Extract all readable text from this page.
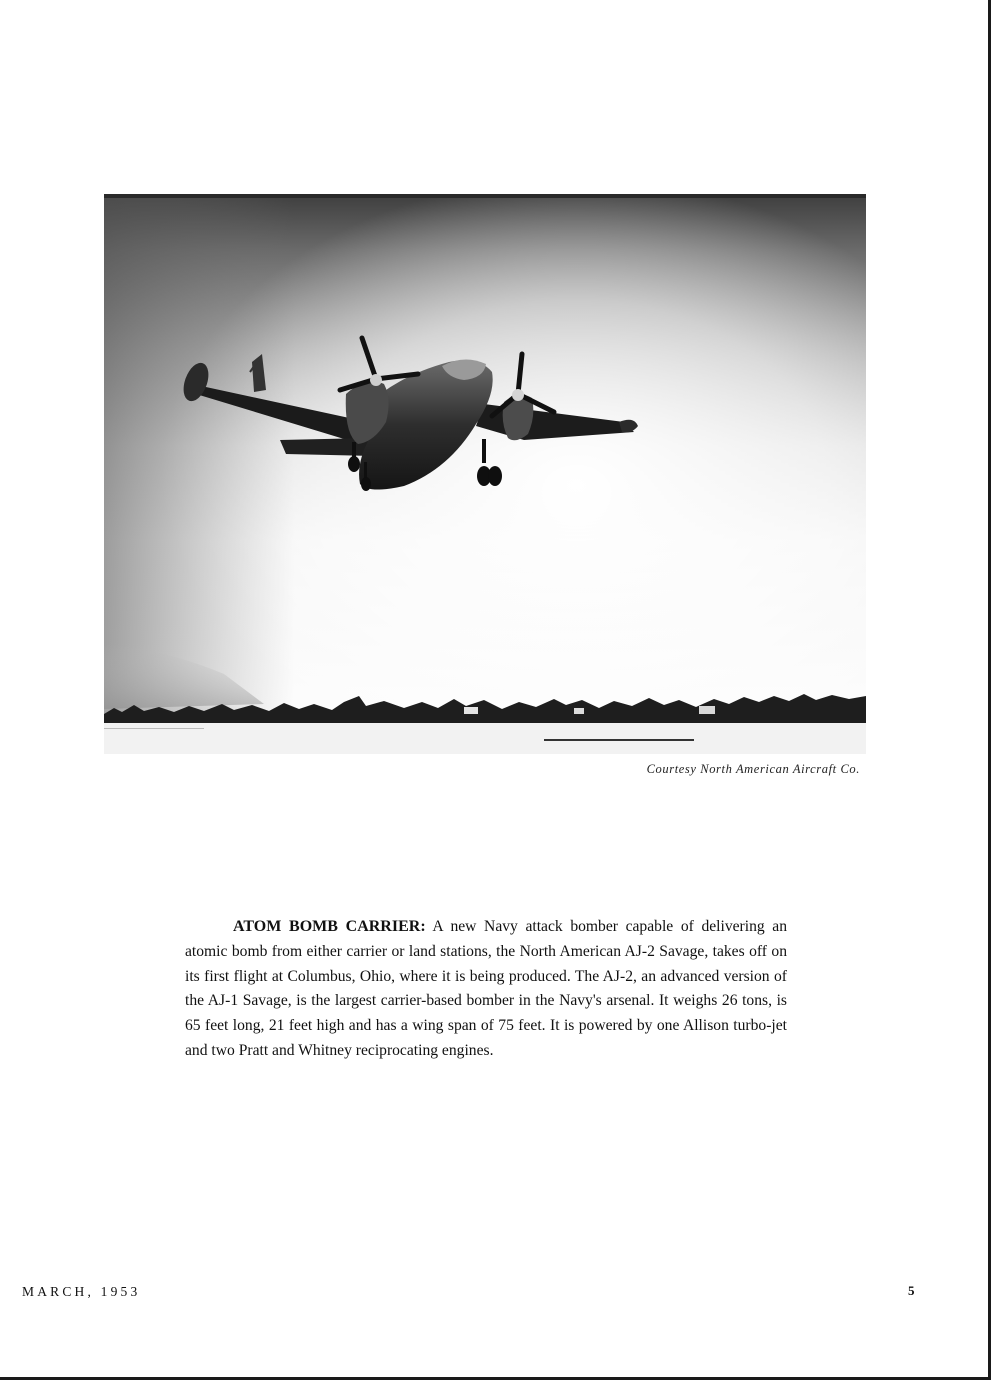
Courtesy North American Aircraft Co.

ATOM BOMB CARRIER: A new Navy attack bomber capable of delivering an atomic bomb from either carrier or land stations, the North American AJ-2 Savage, takes off on its first flight at Columbus, Ohio, where it is being produced. The AJ-2, an advanced version of the AJ-1 Savage, is the largest carrier-based bomber in the Navy's arsenal. It weighs 26 tons, is 65 feet long, 21 feet high and has a wing span of 75 feet. It is powered by one Allison turbo-jet and two Pratt and Whitney reciprocating engines.

MARCH, 1953	5
